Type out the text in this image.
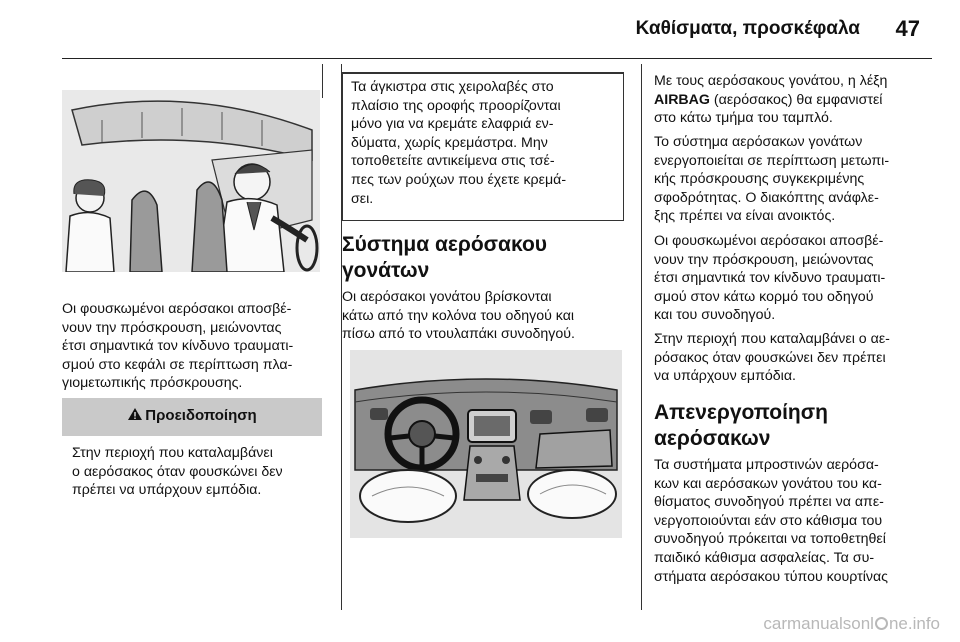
Καθίσματα, προσκέφαλα 47

Οι φουσκωμένοι αερόσακοι αποσβέ-

νουν την πρόσκρουση, μειώνοντας

έτσι σημαντικά τον κίνδυνο τραυματι-

σμού στο κεφάλι σε περίπτωση πλα-

γιομετωπικής πρόσκρουσης.

Προειδοποίηση

Στην περιοχή που καταλαμβάνει

ο αερόσακος όταν φουσκώνει δεν

πρέπει να υπάρχουν εμπόδια.

Τα άγκιστρα στις χειρολαβές στο

πλαίσιο της οροφής προορίζονται

μόνο για να κρεμάτε ελαφριά εν-

δύματα, χωρίς κρεμάστρα. Μην

τοποθετείτε αντικείμενα στις τσέ-

πες των ρούχων που έχετε κρεμά-

σει.

Σύστημα αερόσακου

γονάτων

Οι αερόσακοι γονάτου βρίσκονται

κάτω από την κολόνα του οδηγού και

πίσω από το ντουλαπάκι συνοδηγού.

Με τους αερόσακους γονάτου, η λέξη

AIRBAG (αερόσακος) θα εμφανιστεί

στο κάτω τμήμα του ταμπλό.

Το σύστημα αερόσακων γονάτων

ενεργοποιείται σε περίπτωση μετωπι-

κής πρόσκρουσης συγκεκριμένης

σφοδρότητας. Ο διακόπτης ανάφλε-

ξης πρέπει να είναι ανοικτός.

Οι φουσκωμένοι αερόσακοι αποσβέ-

νουν την πρόσκρουση, μειώνοντας

έτσι σημαντικά τον κίνδυνο τραυματι-

σμού στον κάτω κορμό του οδηγού

και του συνοδηγού.

Στην περιοχή που καταλαμβάνει ο αε-

ρόσακος όταν φουσκώνει δεν πρέπει

να υπάρχουν εμπόδια.

Απενεργοποίηση

αερόσακων

Τα συστήματα μπροστινών αερόσα-

κων και αερόσακων γονάτου του κα-

θίσματος συνοδηγού πρέπει να απε-

νεργοποιούνται εάν στο κάθισμα του

συνοδηγού πρόκειται να τοποθετηθεί

παιδικό κάθισμα ασφαλείας. Τα συ-

στήματα αερόσακου τύπου κουρτίνας

carmanualsonl ne.info
